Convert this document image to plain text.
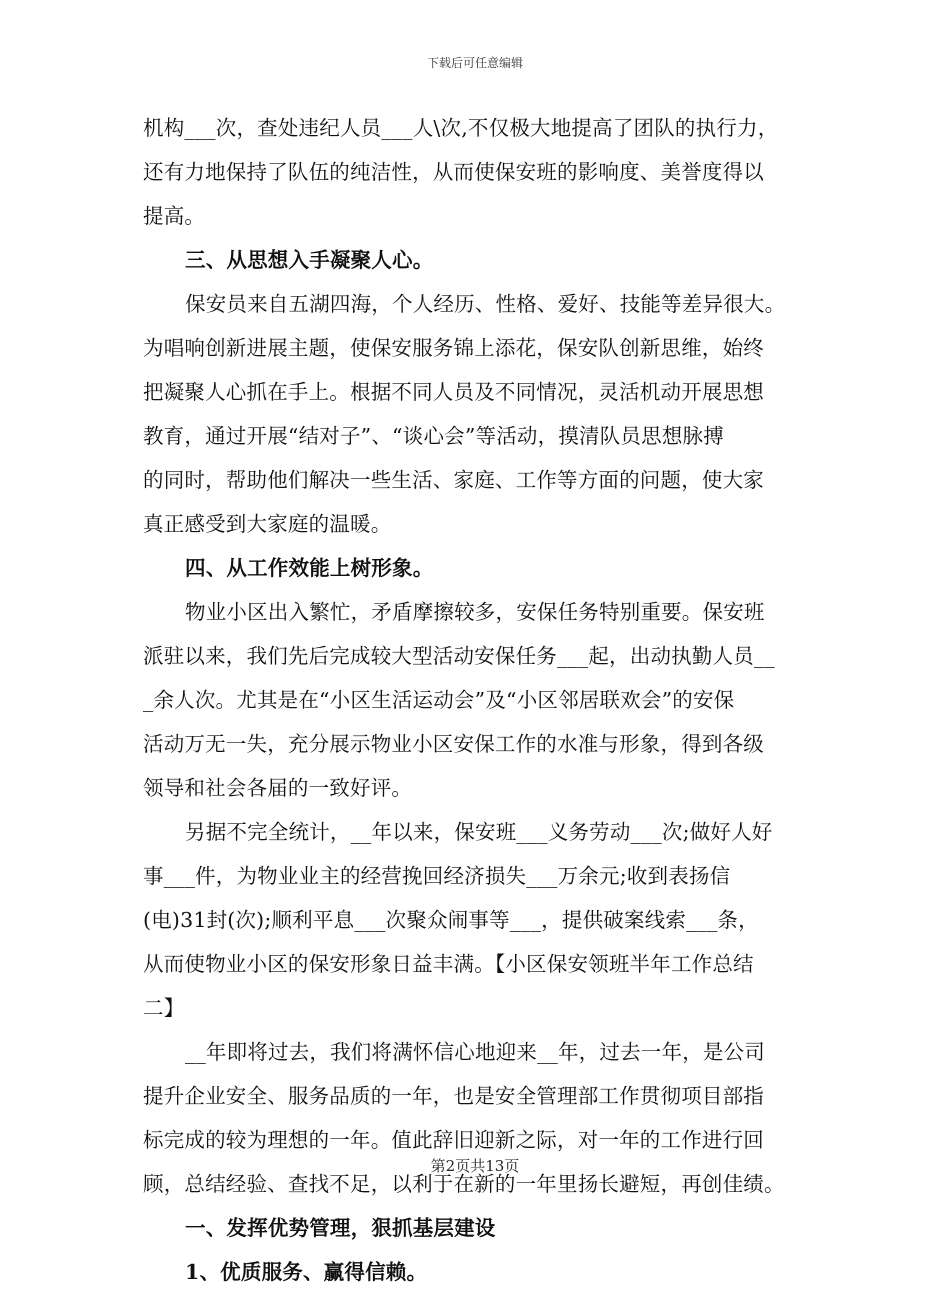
下载后可任意编辑
机构___次，查处违纪人员___人\次,不仅极大地提高了团队的执行力，
还有力地保持了队伍的纯洁性，从而使保安班的影响度、美誉度得以
提高。
三、从思想入手凝聚人心。
保安员来自五湖四海，个人经历、性格、爱好、技能等差异很大。
为唱响创新进展主题，使保安服务锦上添花，保安队创新思维，始终
把凝聚人心抓在手上。根据不同人员及不同情况，灵活机动开展思想
教育，通过开展“结对子”、“谈心会”等活动，摸清队员思想脉搏
的同时，帮助他们解决一些生活、家庭、工作等方面的问题，使大家
真正感受到大家庭的温暖。
四、从工作效能上树形象。
物业小区出入繁忙，矛盾摩擦较多，安保任务特别重要。保安班
派驻以来，我们先后完成较大型活动安保任务___起，出动执勤人员__
_余人次。尤其是在“小区生活运动会”及“小区邻居联欢会”的安保
活动万无一失，充分展示物业小区安保工作的水准与形象，得到各级
领导和社会各届的一致好评。
另据不完全统计，__年以来，保安班___义务劳动___次;做好人好
事___件，为物业业主的经营挽回经济损失___万余元;收到表扬信
(电)31封(次);顺利平息___次聚众闹事等___，提供破案线索___条，
从而使物业小区的保安形象日益丰满。【小区保安领班半年工作总结
二】
__年即将过去，我们将满怀信心地迎来__年，过去一年，是公司
提升企业安全、服务品质的一年，也是安全管理部工作贯彻项目部指
标完成的较为理想的一年。值此辞旧迎新之际，对一年的工作进行回
顾，总结经验、查找不足，以利于在新的一年里扬长避短，再创佳绩。
一、发挥优势管理，狠抓基层建设
1、优质服务、赢得信赖。
第2页共13页
